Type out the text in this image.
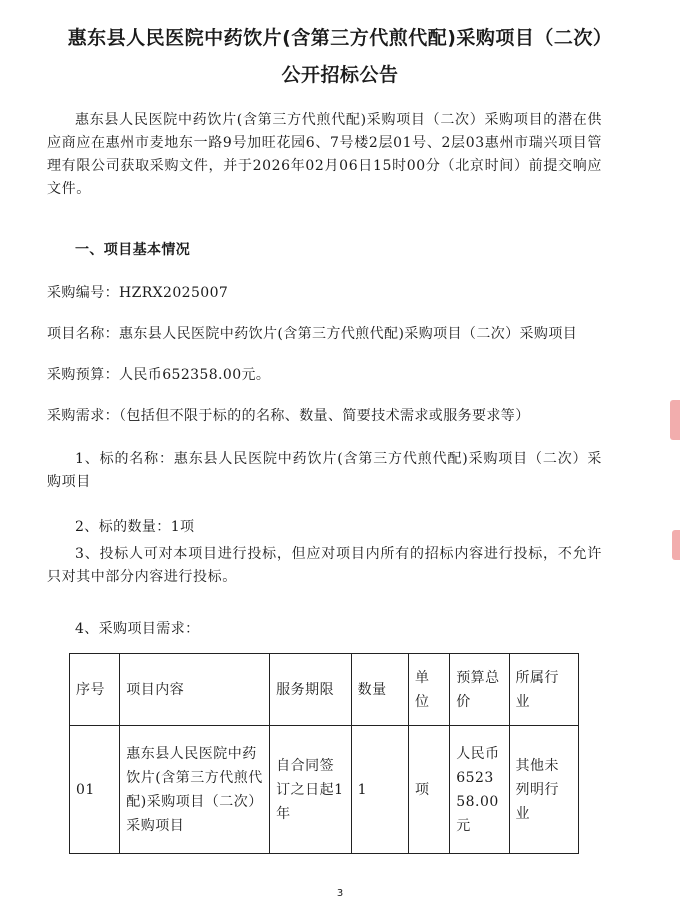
惠东县人民医院中药饮片(含第三方代煎代配)采购项目（二次）
公开招标公告
惠东县人民医院中药饮片(含第三方代煎代配)采购项目（二次）采购项目的潜在供应商应在惠州市麦地东一路9号加旺花园6、7号楼2层01号、2层03惠州市瑞兴项目管理有限公司获取采购文件，并于2026年02月06日15时00分（北京时间）前提交响应文件。
一、项目基本情况
采购编号：HZRX2025007
项目名称：惠东县人民医院中药饮片(含第三方代煎代配)采购项目（二次）采购项目
采购预算：人民币652358.00元。
采购需求：（包括但不限于标的的名称、数量、简要技术需求或服务要求等）
1、标的名称：惠东县人民医院中药饮片(含第三方代煎代配)采购项目（二次）采购项目
2、标的数量：1项
3、投标人可对本项目进行投标，但应对项目内所有的招标内容进行投标，不允许只对其中部分内容进行投标。
4、采购项目需求：
序号	项目内容	服务期限	数量	单位	预算总价	所属行业
01	惠东县人民医院中药饮片(含第三方代煎代配)采购项目（二次）采购项目	自合同签订之日起1年	1	项	人民币652358.00元	其他未列明行业
3
